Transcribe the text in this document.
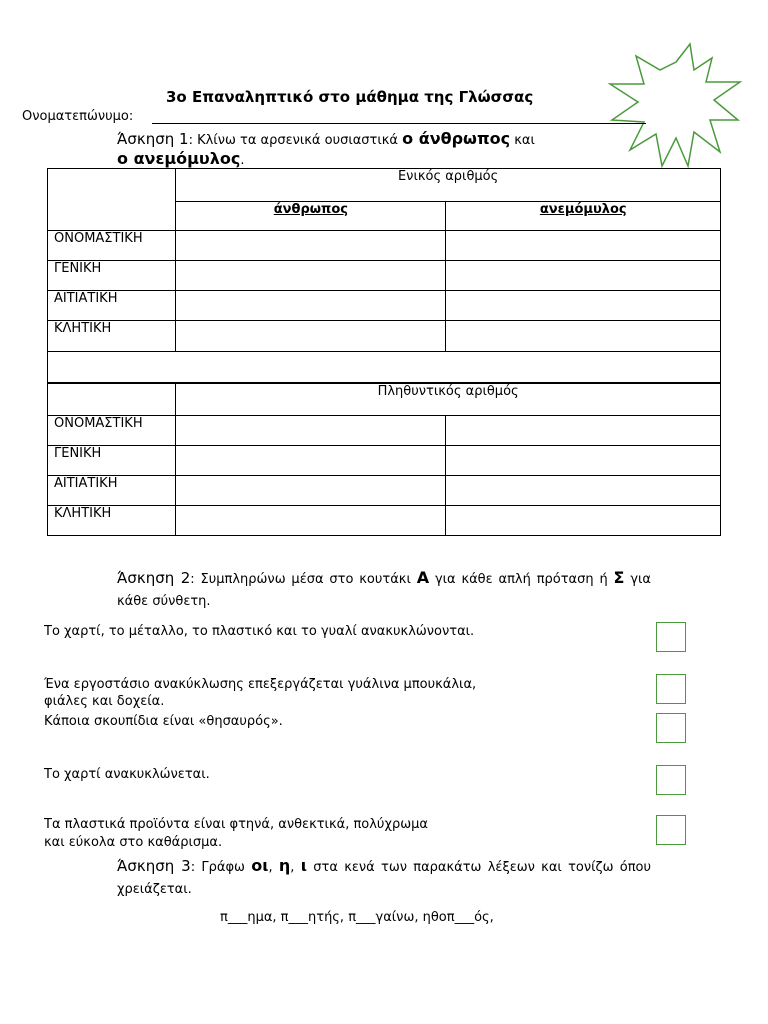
3ο Επαναληπτικό στο μάθημα της Γλώσσας
Ονοματεπώνυμο:
Άσκηση 1: Κλίνω τα αρσενικά ουσιαστικά ο άνθρωπος και
ο ανεμόμυλος.
	Ενικός αριθμός	
	άνθρωπος	ανεμόμυλος
ΟΝΟΜΑΣΤΙΚΗ		
ΓΕΝΙΚΗ		
ΑΙΤΙΑΤΙΚΗ		
ΚΛΗΤΙΚΗ		

	Πληθυντικός αριθμός	
ΟΝΟΜΑΣΤΙΚΗ		
ΓΕΝΙΚΗ		
ΑΙΤΙΑΤΙΚΗ		
ΚΛΗΤΙΚΗ		
Άσκηση 2: Συμπληρώνω μέσα στο κουτάκι Α για κάθε απλή πρόταση ή Σ για κάθε σύνθετη.
Το χαρτί, το μέταλλο, το πλαστικό και το γυαλί ανακυκλώνονται.
Ένα εργοστάσιο ανακύκλωσης επεξεργάζεται γυάλινα μπουκάλια,
φιάλες και δοχεία.
Κάποια σκουπίδια είναι «θησαυρός».
Το χαρτί ανακυκλώνεται.
Τα πλαστικά προϊόντα είναι φτηνά, ανθεκτικά, πολύχρωμα
και εύκολα στο καθάρισμα.
Άσκηση 3: Γράφω οι, η, ι στα κενά των παρακάτω λέξεων και τονίζω όπου χρειάζεται.
π___ημα, π___ητής, π___γαίνω, ηθοπ___ός,
